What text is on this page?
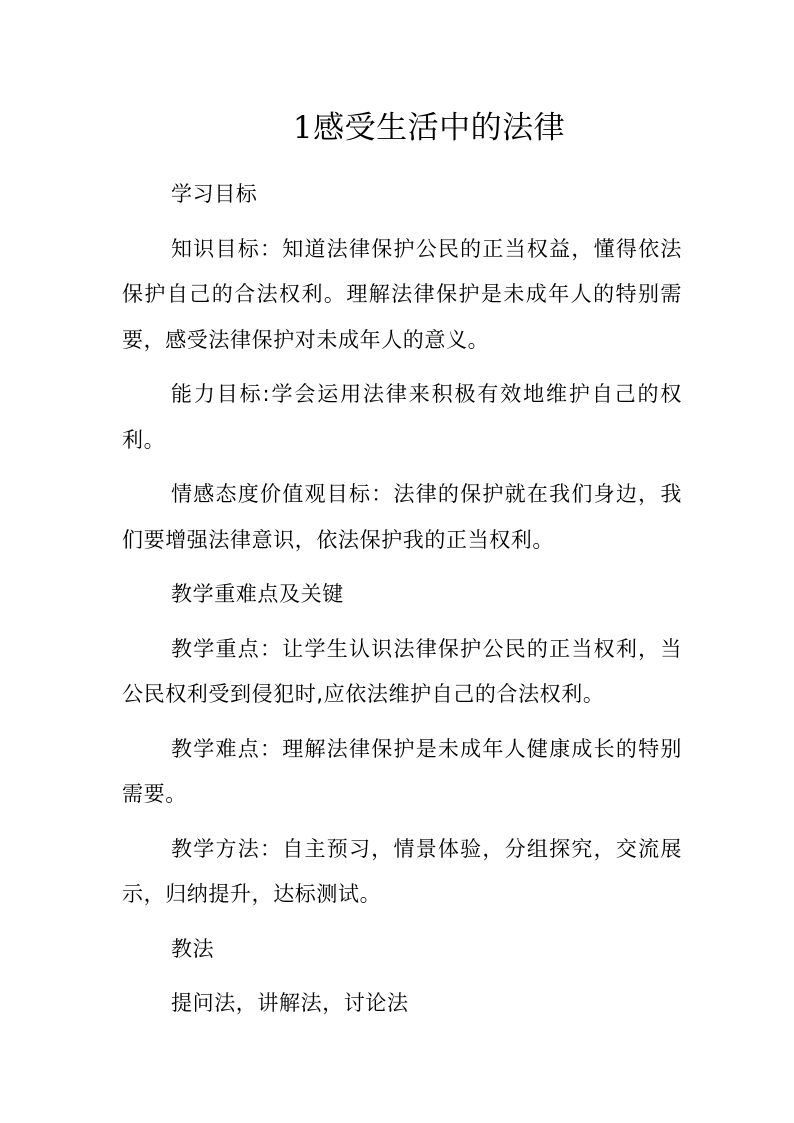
1感受生活中的法律

学习目标

知识目标：知道法律保护公民的正当权益，懂得依法保护自己的合法权利。理解法律保护是未成年人的特别需要，感受法律保护对未成年人的意义。

能力目标:学会运用法律来积极有效地维护自己的权利。

情感态度价值观目标：法律的保护就在我们身边，我们要增强法律意识，依法保护我的正当权利。

教学重难点及关键

教学重点：让学生认识法律保护公民的正当权利，当公民权利受到侵犯时,应依法维护自己的合法权利。

教学难点：理解法律保护是未成年人健康成长的特别需要。

教学方法：自主预习，情景体验，分组探究，交流展示，归纳提升，达标测试。

教法

提问法，讲解法，讨论法
